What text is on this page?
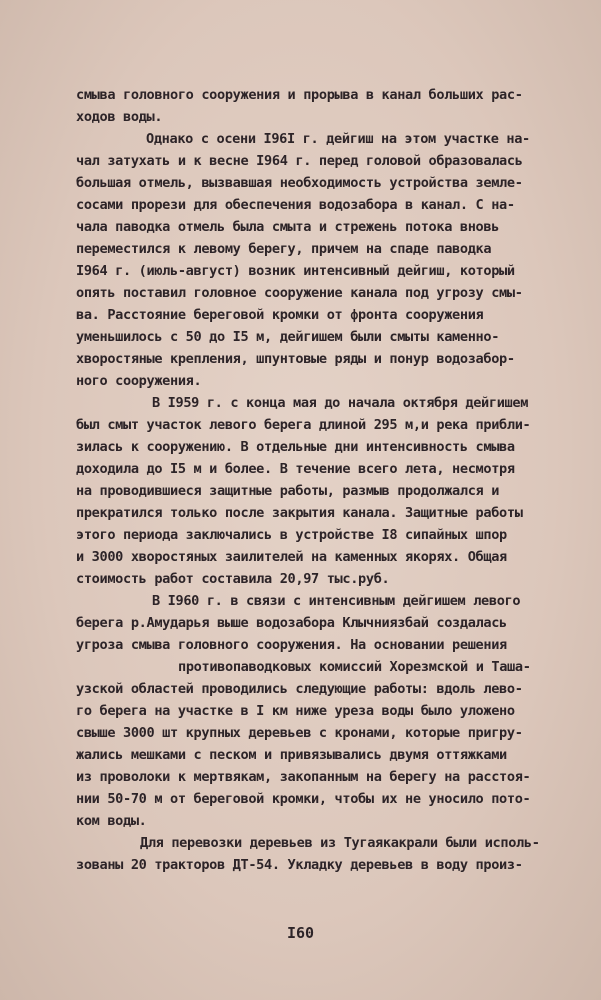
смыва головного сооружения и прорыва в канал больших рас-
ходов воды.
Однако с осени I96I г. дейгиш на этом участке на-
чал затухать и к весне I964 г. перед головой образовалась
большая отмель, вызвавшая необходимость устройства земле-
сосами прорези для обеспечения водозабора в канал. С на-
чала паводка отмель была смыта и стрежень потока вновь
переместился к левому берегу, причем на спаде паводка
I964 г. (июль-август) возник интенсивный дейгиш, который
опять поставил головное сооружение канала под угрозу смы-
ва. Расстояние береговой кромки от фронта сооружения
уменьшилось с 50 до I5 м, дейгишем были смыты каменно-
хворостяные крепления, шпунтовые ряды и понур водозабор-
ного сооружения.
В I959 г. с конца мая до начала октября дейгишем
был смыт участок левого берега длиной 295 м,и река прибли-
зилась к сооружению. В отдельные дни интенсивность смыва
доходила до I5 м и более. В течение всего лета, несмотря
на проводившиеся защитные работы, размыв продолжался и
прекратился только после закрытия канала. Защитные работы
этого периода заключались в устройстве I8 сипайных шпор
и 3000 хворостяных заилителей на каменных якорях. Общая
стоимость работ составила 20,97 тыс.руб.
В I960 г. в связи с интенсивным дейгишем левого
берега р.Амударья выше водозабора Клычниязбай создалась
угроза смыва головного сооружения. На основании решения
противопаводковых комиссий Хорезмской и Таша-
узской областей проводились следующие работы: вдоль лево-
го берега на участке в I км ниже уреза воды было уложено
свыше 3000 шт крупных деревьев с кронами, которые пригру-
жались мешками с песком и привязывались двумя оттяжками
из проволоки к мертвякам, закопанным на берегу на расстоя-
нии 50-70 м от береговой кромки, чтобы их не уносило пото-
ком воды.
Для перевозки деревьев из Тугаякакрали были исполь-
зованы 20 тракторов ДТ-54. Укладку деревьев в воду произ-
I60
